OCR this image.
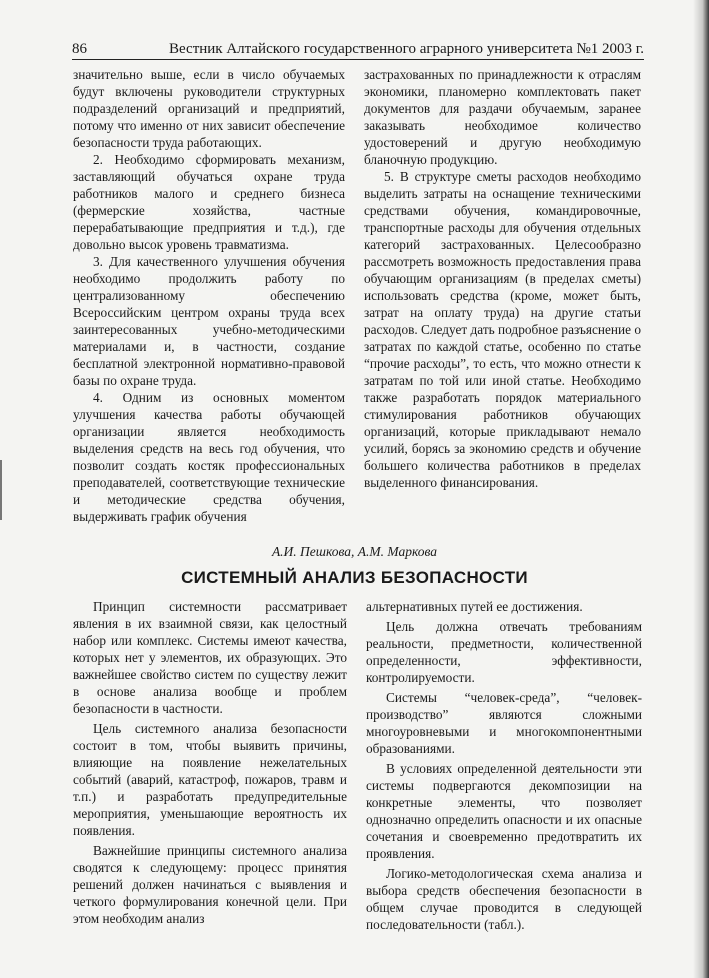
86	Вестник Алтайского государственного аграрного университета №1 2003 г.

значительно выше, если в число обучаемых будут включены руководители структурных подразделений организаций и предприятий, потому что именно от них зависит обеспечение безопасности труда работающих.

2. Необходимо сформировать механизм, заставляющий обучаться охране труда работников малого и среднего бизнеса (фермерские хозяйства, частные перерабатывающие предприятия и т.д.), где довольно высок уровень травматизма.

3. Для качественного улучшения обучения необходимо продолжить работу по централизованному обеспечению Всероссийским центром охраны труда всех заинтересованных учебно-методическими материалами и, в частности, создание бесплатной электронной нормативно-правовой базы по охране труда.

4. Одним из основных моментом улучшения качества работы обучающей организации является необходимость выделения средств на весь год обучения, что позволит создать костяк профессиональных преподавателей, соответствующие технические и методические средства обучения, выдерживать график обучения

застрахованных по принадлежности к отраслям экономики, планомерно комплектовать пакет документов для раздачи обучаемым, заранее заказывать необходимое количество удостоверений и другую необходимую бланочную продукцию.

5. В структуре сметы расходов необходимо выделить затраты на оснащение техническими средствами обучения, командировочные, транспортные расходы для обучения отдельных категорий застрахованных. Целесообразно рассмотреть возможность предоставления права обучающим организациям (в пределах сметы) использовать средства (кроме, может быть, затрат на оплату труда) на другие статьи расходов. Следует дать подробное разъяснение о затратах по каждой статье, особенно по статье “прочие расходы”, то есть, что можно отнести к затратам по той или иной статье. Необходимо также разработать порядок материального стимулирования работников обучающих организаций, которые прикладывают немало усилий, борясь за экономию средств и обучение большего количества работников в пределах выделенного финансирования.

А.И. Пешкова, А.М. Маркова
СИСТЕМНЫЙ АНАЛИЗ БЕЗОПАСНОСТИ

Принцип системности рассматривает явления в их взаимной связи, как целостный набор или комплекс. Системы имеют качества, которых нет у элементов, их образующих. Это важнейшее свойство систем по существу лежит в основе анализа вообще и проблем безопасности в частности.

Цель системного анализа безопасности состоит в том, чтобы выявить причины, влияющие на появление нежелательных событий (аварий, катастроф, пожаров, травм и т.п.) и разработать предупредительные мероприятия, уменьшающие вероятность их появления.

Важнейшие принципы системного анализа сводятся к следующему: процесс принятия решений должен начинаться с выявления и четкого формулирования конечной цели. При этом необходим анализ

альтернативных путей ее достижения.

Цель должна отвечать требованиям реальности, предметности, количественной определенности, эффективности, контролируемости.

Системы “человек-среда”, “человек-производство” являются сложными многоуровневыми и многокомпонентными образованиями.

В условиях определенной деятельности эти системы подвергаются декомпозиции на конкретные элементы, что позволяет однозначно определить опасности и их опасные сочетания и своевременно предотвратить их проявления.

Логико-методологическая схема анализа и выбора средств обеспечения безопасности в общем случае проводится в следующей последовательности (табл.).
